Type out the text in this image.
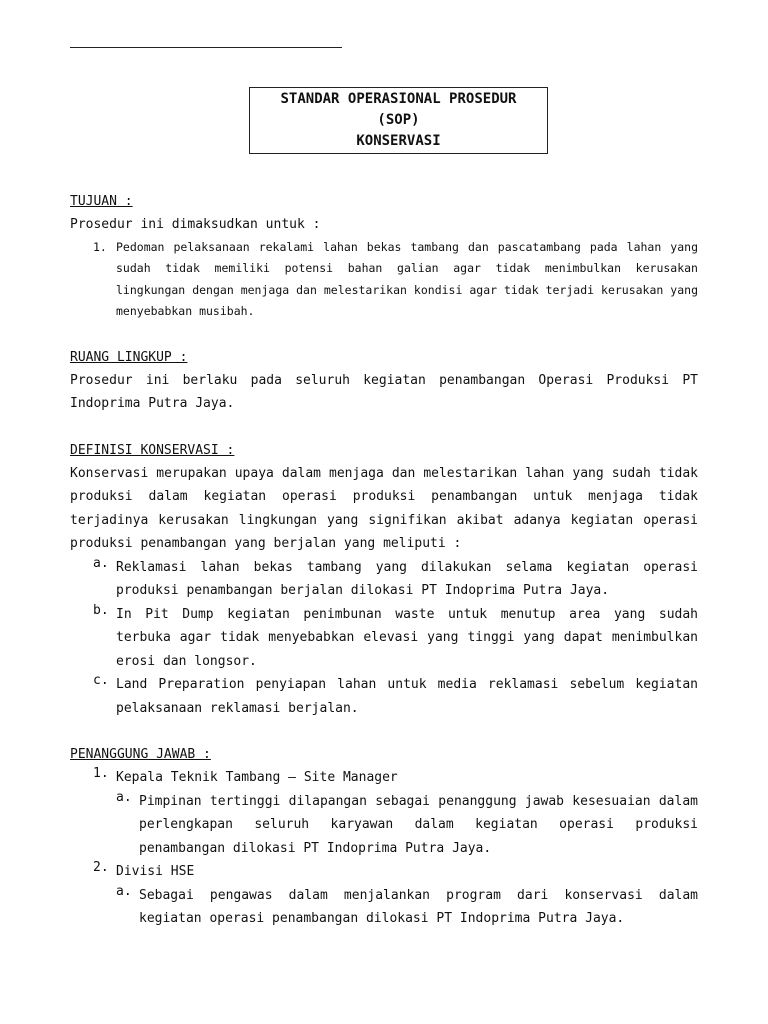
STANDAR OPERASIONAL PROSEDUR
(SOP)
KONSERVASI
TUJUAN :

Prosedur ini dimaksudkan untuk :

1. Pedoman pelaksanaan rekalami lahan bekas tambang dan pascatambang pada lahan yang sudah tidak memiliki potensi bahan galian agar tidak menimbulkan kerusakan lingkungan dengan menjaga dan melestarikan kondisi agar tidak terjadi kerusakan yang menyebabkan musibah.
RUANG LINGKUP :

Prosedur ini berlaku pada seluruh kegiatan penambangan Operasi Produksi PT Indoprima Putra Jaya.

DEFINISI KONSERVASI :

Konservasi merupakan upaya dalam menjaga dan melestarikan lahan yang sudah tidak produksi dalam kegiatan operasi produksi penambangan untuk menjaga tidak terjadinya kerusakan lingkungan yang signifikan akibat adanya kegiatan operasi produksi penambangan yang berjalan yang meliputi :

a. Reklamasi lahan bekas tambang yang dilakukan selama kegiatan operasi produksi penambangan berjalan dilokasi PT Indoprima Putra Jaya.
b. In Pit Dump kegiatan penimbunan waste untuk menutup area yang sudah terbuka agar tidak menyebabkan elevasi yang tinggi yang dapat menimbulkan erosi dan longsor.
c. Land Preparation penyiapan lahan untuk media reklamasi sebelum kegiatan pelaksanaan reklamasi berjalan.
PENANGGUNG JAWAB :
1. Kepala Teknik Tambang – Site Manager
a. Pimpinan tertinggi dilapangan sebagai penanggung jawab kesesuaian dalam perlengkapan seluruh karyawan dalam kegiatan operasi produksi penambangan dilokasi PT Indoprima Putra Jaya.
2. Divisi HSE
a. Sebagai pengawas dalam menjalankan program dari konservasi dalam kegiatan operasi penambangan dilokasi PT Indoprima Putra Jaya.
